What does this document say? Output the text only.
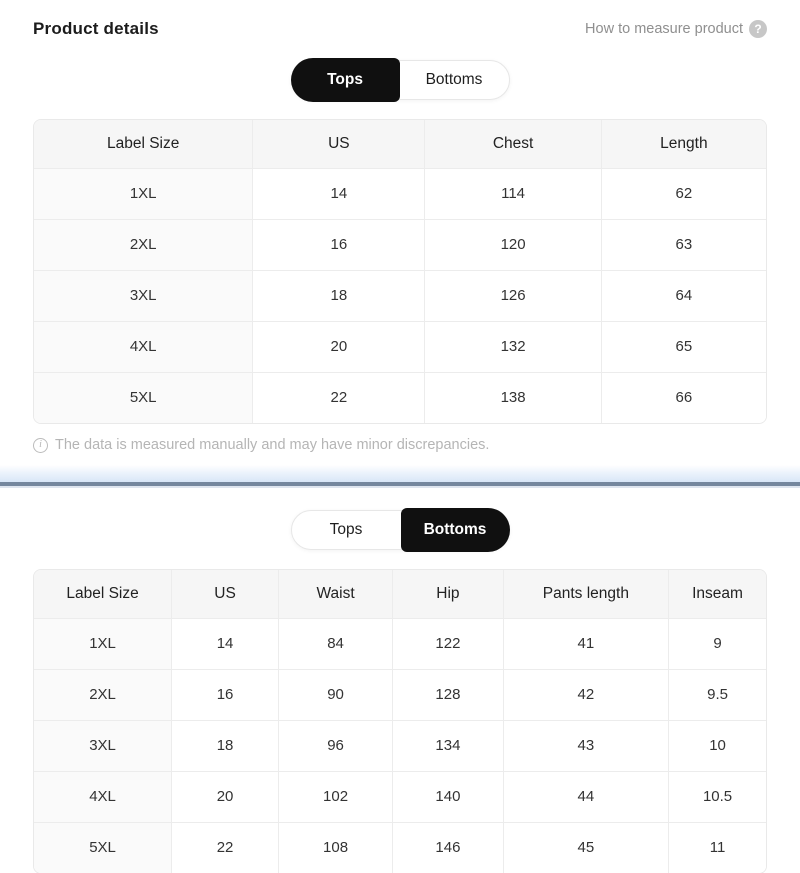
Product details	How to measure product ?
Tops	Bottoms
Label Size	US	Chest	Length
1XL	14	114	62
2XL	16	120	63
3XL	18	126	64
4XL	20	132	65
5XL	22	138	66
i The data is measured manually and may have minor discrepancies.
Tops	Bottoms
Label Size	US	Waist	Hip	Pants length	Inseam
1XL	14	84	122	41	9
2XL	16	90	128	42	9.5
3XL	18	96	134	43	10
4XL	20	102	140	44	10.5
5XL	22	108	146	45	11
